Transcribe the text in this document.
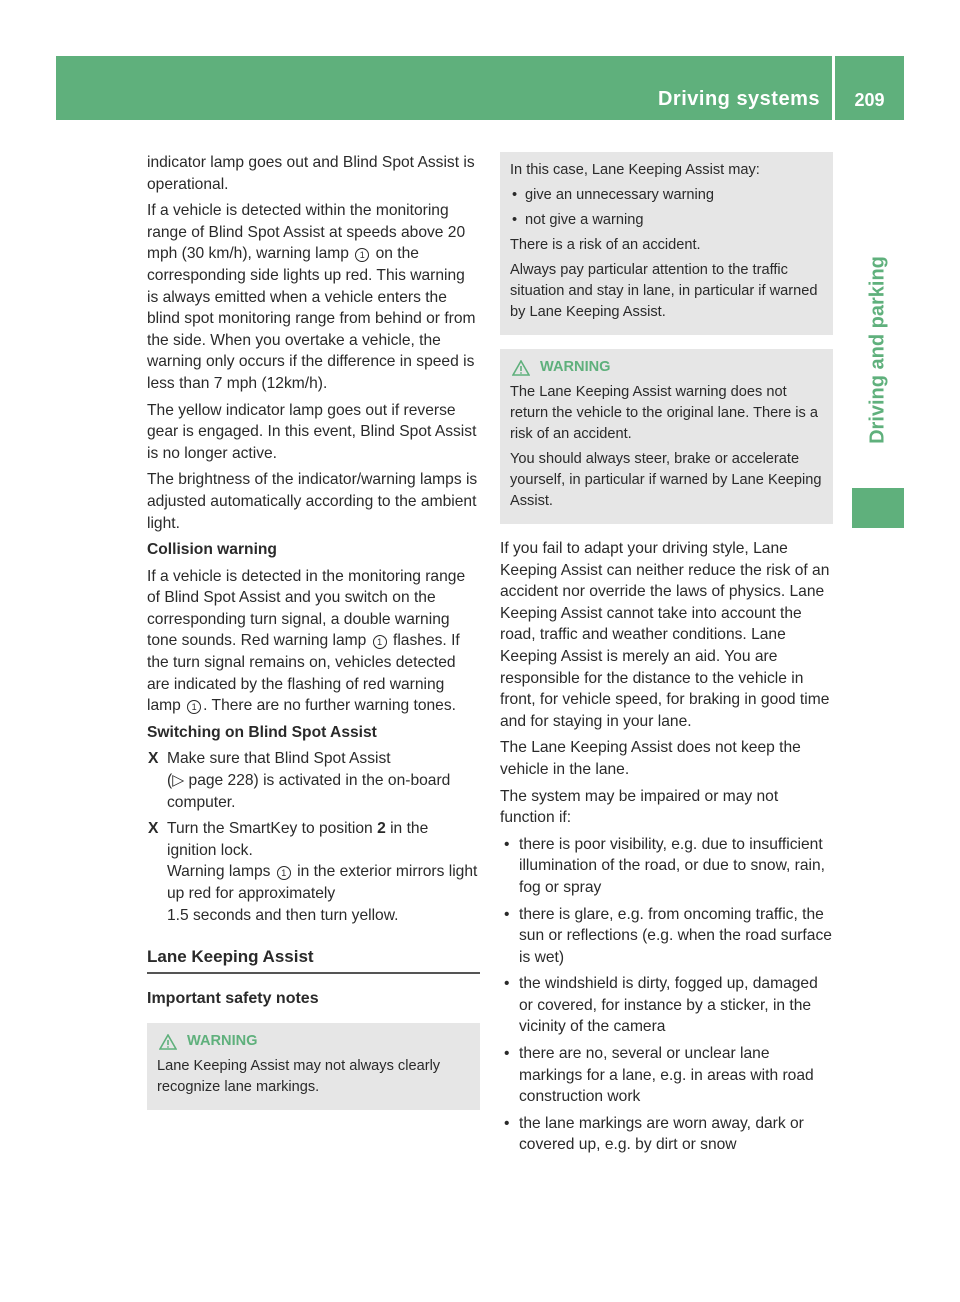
Driving systems	209
Driving and parking

indicator lamp goes out and Blind Spot Assist is operational.

If a vehicle is detected within the monitoring range of Blind Spot Assist at speeds above 20 mph (30 km/h), warning lamp 1 on the corresponding side lights up red. This warning is always emitted when a vehicle enters the blind spot monitoring range from behind or from the side. When you overtake a vehicle, the warning only occurs if the difference in speed is less than 7 mph (12km/h).

The yellow indicator lamp goes out if reverse gear is engaged. In this event, Blind Spot Assist is no longer active.

The brightness of the indicator/warning lamps is adjusted automatically according to the ambient light.

Collision warning

If a vehicle is detected in the monitoring range of Blind Spot Assist and you switch on the corresponding turn signal, a double warning tone sounds. Red warning lamp 1 flashes. If the turn signal remains on, vehicles detected are indicated by the flashing of red warning lamp 1 . There are no further warning tones.

Switching on Blind Spot Assist
X Make sure that Blind Spot Assist
(▷ page 228) is activated in the on-board computer.
X Turn the SmartKey to position 2 in the ignition lock.
Warning lamps 1 in the exterior mirrors light up red for approximately
1.5 seconds and then turn yellow.
Lane Keeping Assist
Important safety notes
WARNING

Lane Keeping Assist may not always clearly recognize lane markings.

In this case, Lane Keeping Assist may:

• give an unnecessary warning
• not give a warning

There is a risk of an accident.

Always pay particular attention to the traffic situation and stay in lane, in particular if warned by Lane Keeping Assist.

WARNING

The Lane Keeping Assist warning does not return the vehicle to the original lane. There is a risk of an accident.

You should always steer, brake or accelerate yourself, in particular if warned by Lane Keeping Assist.

If you fail to adapt your driving style, Lane Keeping Assist can neither reduce the risk of an accident nor override the laws of physics. Lane Keeping Assist cannot take into account the road, traffic and weather conditions. Lane Keeping Assist is merely an aid. You are responsible for the distance to the vehicle in front, for vehicle speed, for braking in good time and for staying in your lane.

The Lane Keeping Assist does not keep the vehicle in the lane.

The system may be impaired or may not function if:

• there is poor visibility, e.g. due to insufficient illumination of the road, or due to snow, rain, fog or spray
• there is glare, e.g. from oncoming traffic, the sun or reflections (e.g. when the road surface is wet)
• the windshield is dirty, fogged up, damaged or covered, for instance by a sticker, in the vicinity of the camera
• there are no, several or unclear lane markings for a lane, e.g. in areas with road construction work
• the lane markings are worn away, dark or covered up, e.g. by dirt or snow
